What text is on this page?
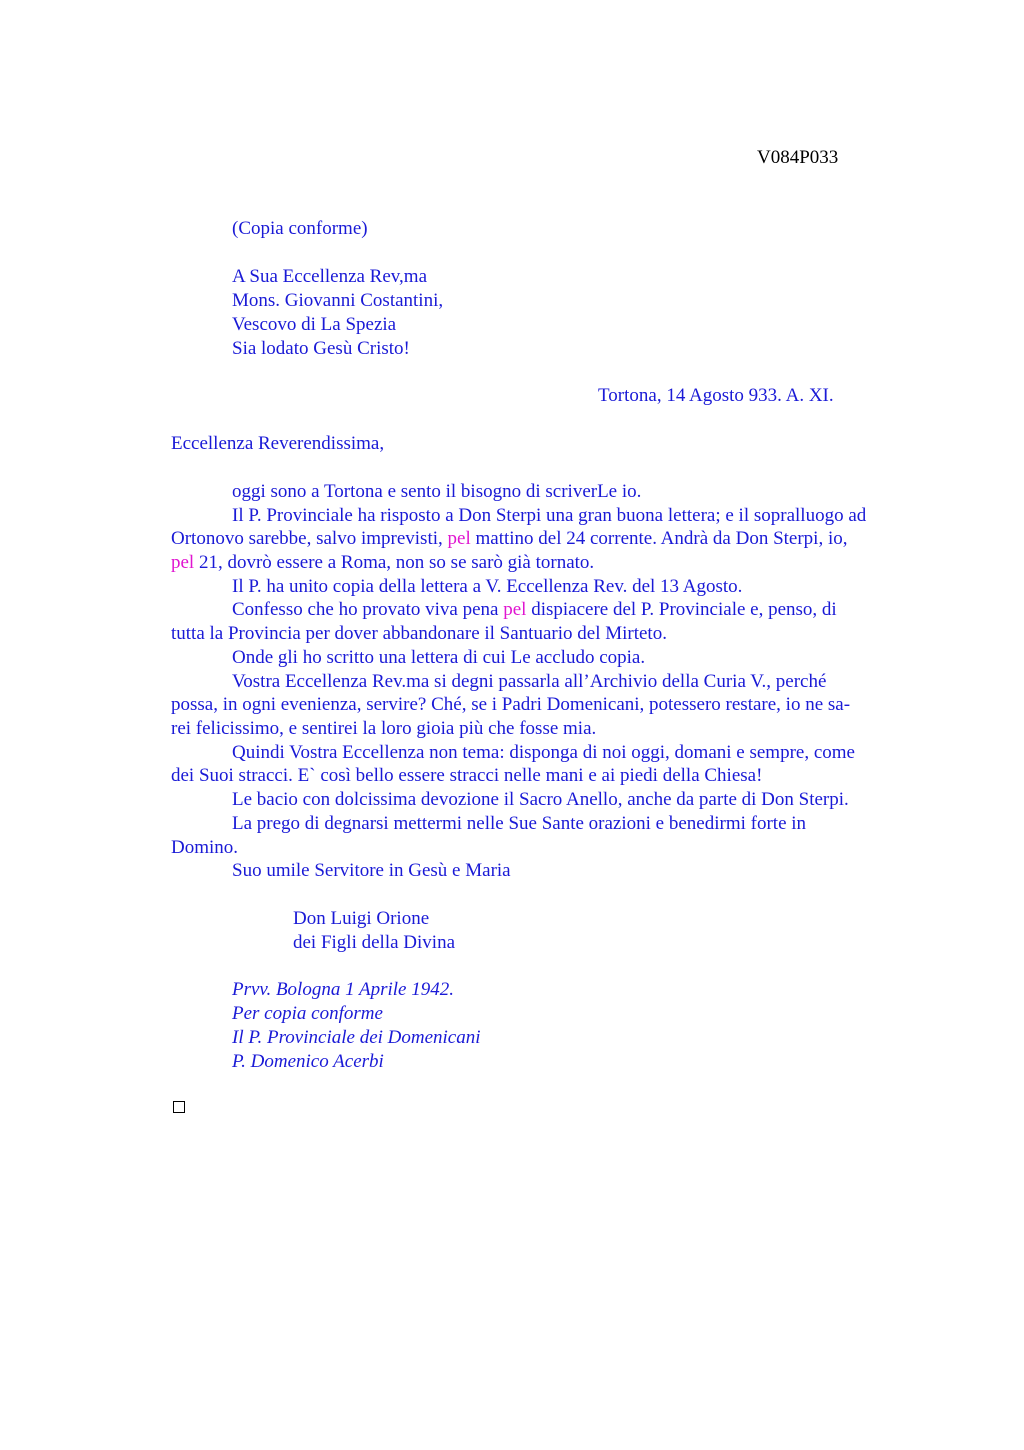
V084P033
(Copia conforme)
A Sua Eccellenza Rev,ma
Mons. Giovanni Costantini,
Vescovo di La Spezia
Sia lodato Gesù Cristo!
Tortona, 14 Agosto 933. A. XI.
Eccellenza Reverendissima,
oggi sono a Tortona e sento il bisogno di scriverLe io.
Il P. Provinciale ha risposto a Don Sterpi una gran buona lettera; e il sopralluogo ad
Ortonovo sarebbe, salvo imprevisti, pel mattino del 24 corrente. Andrà da Don Sterpi, io,
pel 21, dovrò essere a Roma, non so se sarò già tornato.
Il P. ha unito copia della lettera a V. Eccellenza Rev. del 13 Agosto.
Confesso che ho provato viva pena pel dispiacere del P. Provinciale e, penso, di
tutta la Provincia per dover abbandonare il Santuario del Mirteto.
Onde gli ho scritto una lettera di cui Le accludo copia.
Vostra Eccellenza Rev.ma si degni passarla all’Archivio della Curia V., perché
possa, in ogni evenienza, servire? Ché, se i Padri Domenicani, potessero restare, io ne sa-
rei felicissimo, e sentirei la loro gioia più che fosse mia.
Quindi Vostra Eccellenza non tema: disponga di noi oggi, domani e sempre, come
dei Suoi stracci. E` così bello essere stracci nelle mani e ai piedi della Chiesa!
Le bacio con dolcissima devozione il Sacro Anello, anche da parte di Don Sterpi.
La prego di degnarsi mettermi nelle Sue Sante orazioni e benedirmi forte in
Domino.
Suo umile Servitore in Gesù e Maria
Don Luigi Orione
dei Figli della Divina
Prvv. Bologna 1 Aprile 1942.
Per copia conforme
Il P. Provinciale dei Domenicani
P. Domenico Acerbi
